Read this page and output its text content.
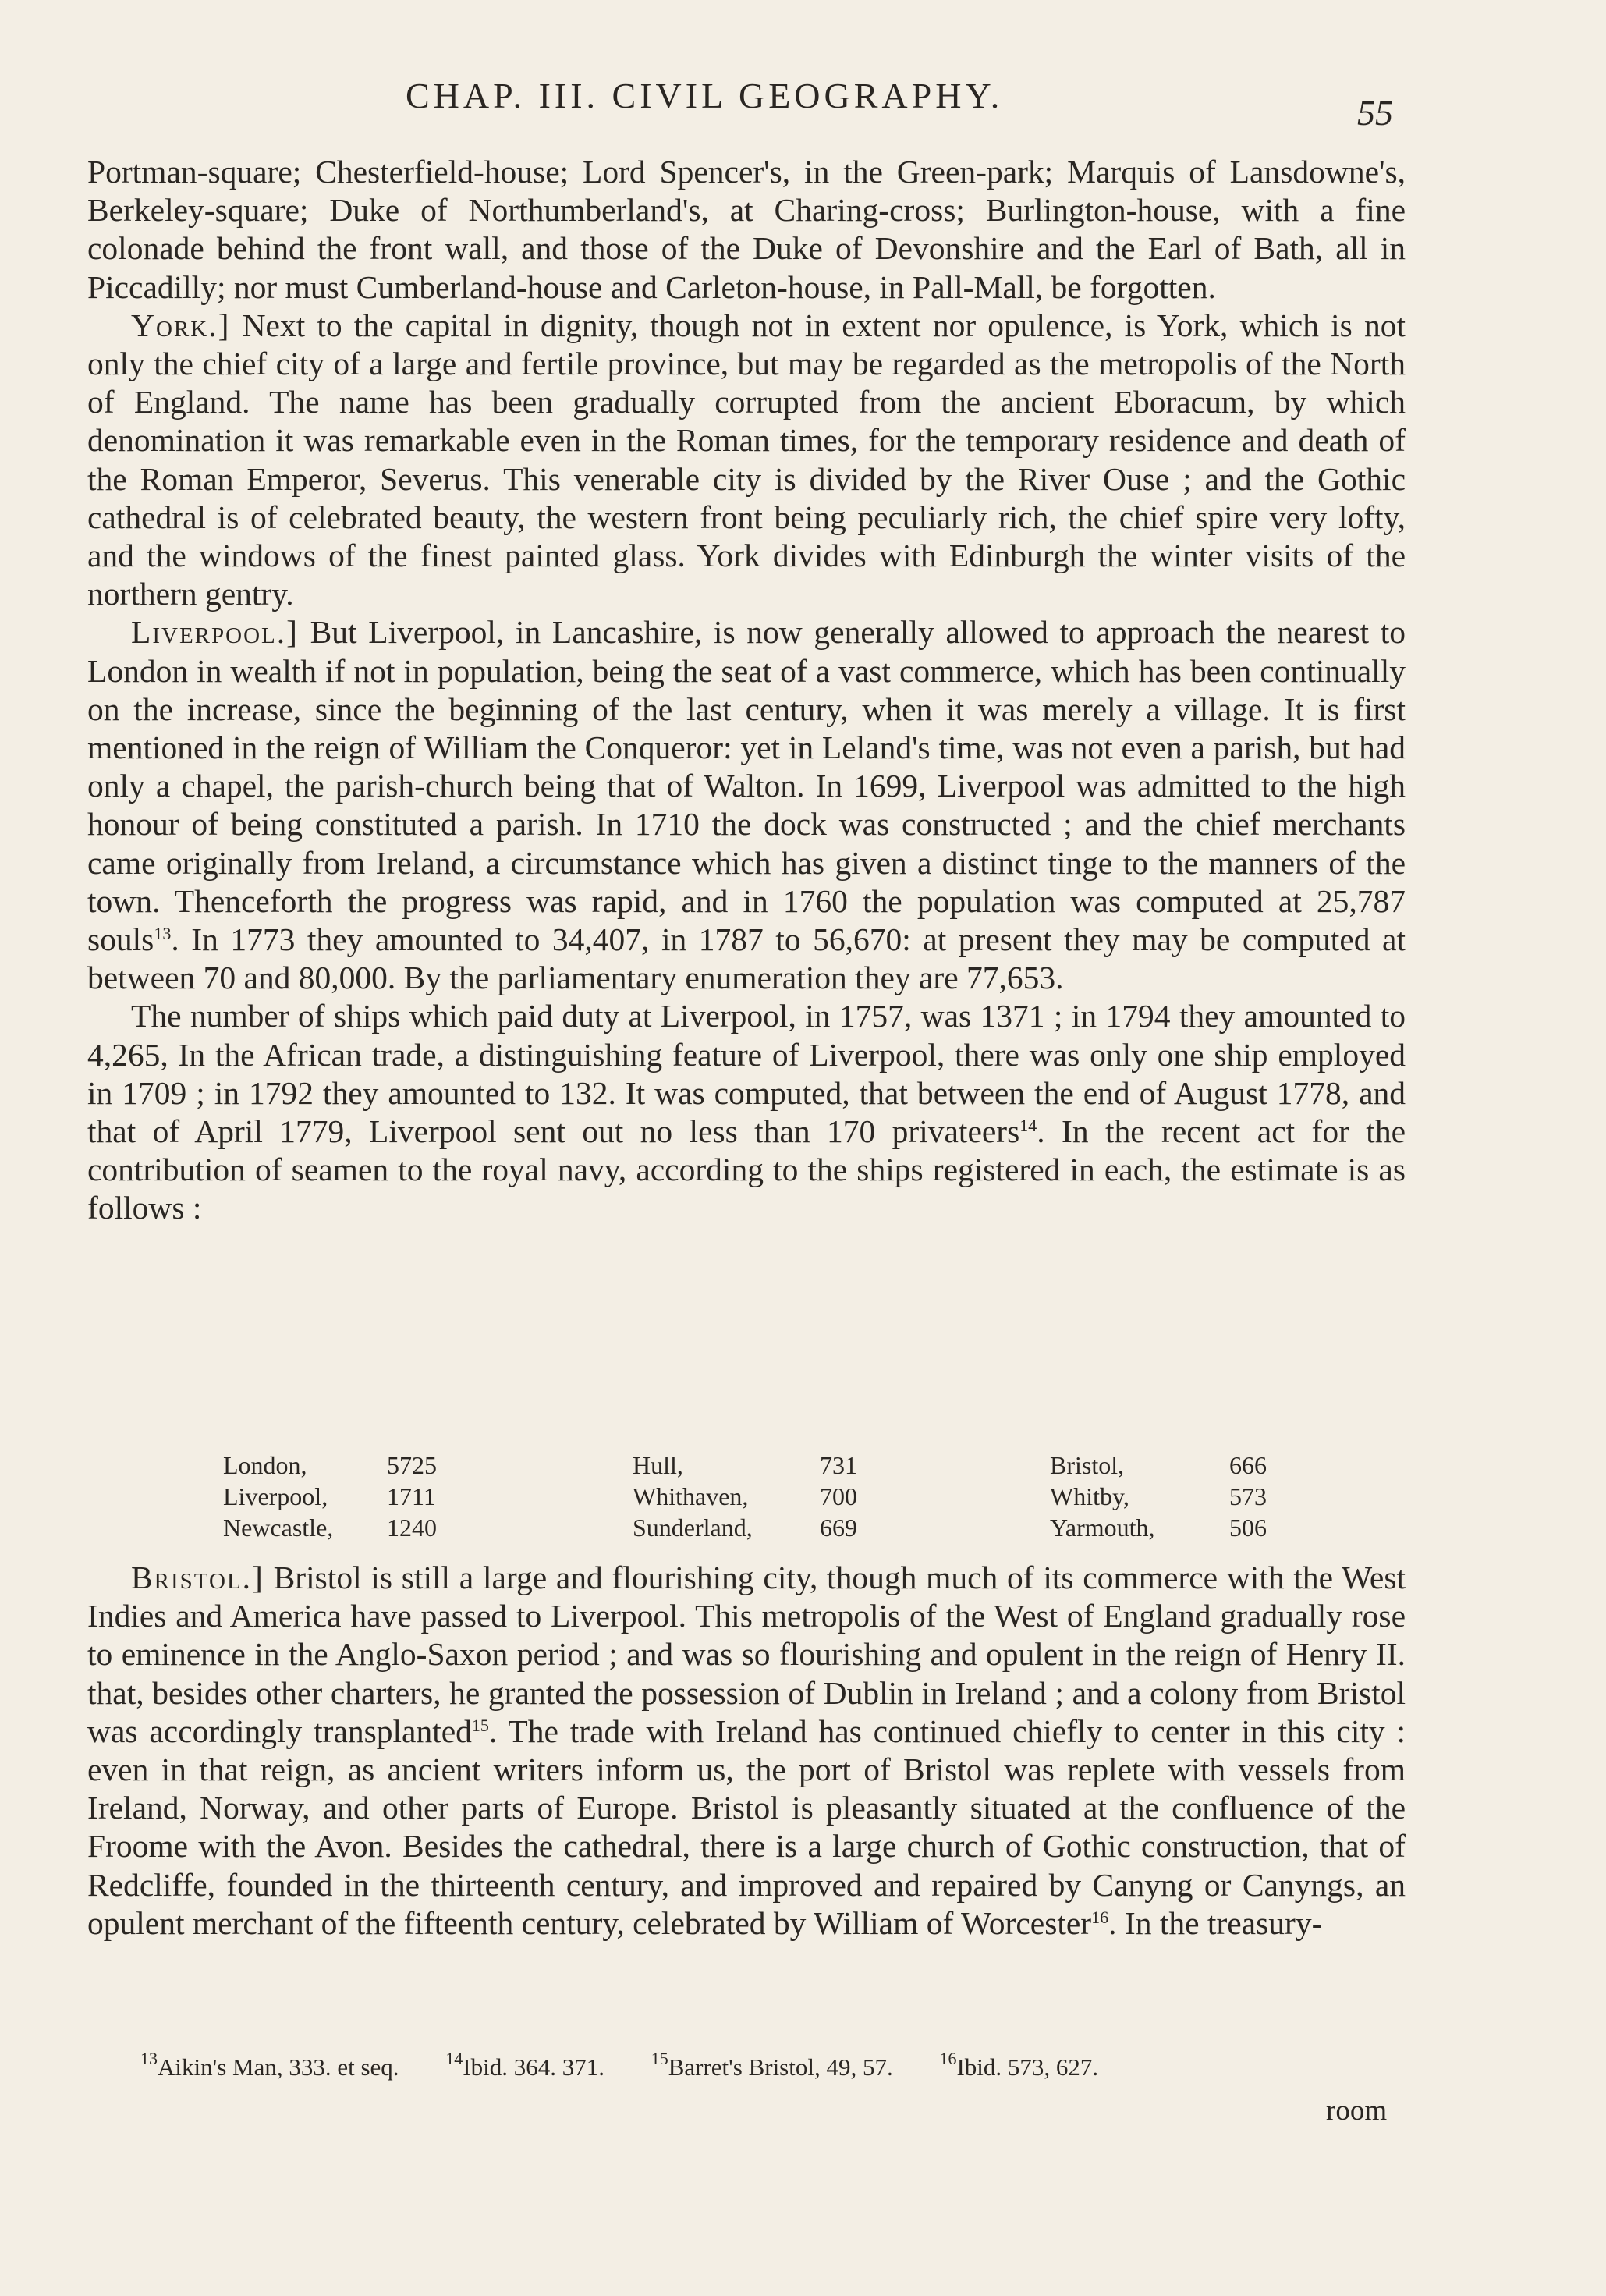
CHAP. III. CIVIL GEOGRAPHY.	55

Portman-square; Chesterfield-house; Lord Spencer's, in the Green-park; Marquis of Lansdowne's, Berkeley-square; Duke of Northumberland's, at Charing-cross; Burlington-house, with a fine colonade behind the front wall, and those of the Duke of Devonshire and the Earl of Bath, all in Piccadilly; nor must Cumberland-house and Carleton-house, in Pall-Mall, be forgotten.

York.] Next to the capital in dignity, though not in extent nor opulence, is York, which is not only the chief city of a large and fertile province, but may be regarded as the metropolis of the North of England. The name has been gradually corrupted from the ancient Eboracum, by which denomination it was remarkable even in the Roman times, for the temporary residence and death of the Roman Emperor, Severus. This venerable city is divided by the River Ouse ; and the Gothic cathedral is of celebrated beauty, the western front being peculiarly rich, the chief spire very lofty, and the windows of the finest painted glass. York divides with Edinburgh the winter visits of the northern gentry.

Liverpool.] But Liverpool, in Lancashire, is now generally allowed to approach the nearest to London in wealth if not in population, being the seat of a vast commerce, which has been continually on the increase, since the beginning of the last century, when it was merely a village. It is first mentioned in the reign of William the Conqueror: yet in Leland's time, was not even a parish, but had only a chapel, the parish-church being that of Walton. In 1699, Liverpool was admitted to the high honour of being constituted a parish. In 1710 the dock was constructed ; and the chief merchants came originally from Ireland, a circumstance which has given a distinct tinge to the manners of the town. Thenceforth the progress was rapid, and in 1760 the population was computed at 25,787 souls$^{13}$. In 1773 they amounted to 34,407, in 1787 to 56,670: at present they may be computed at between 70 and 80,000. By the parliamentary enumeration they are 77,653.

The number of ships which paid duty at Liverpool, in 1757, was 1371 ; in 1794 they amounted to 4,265, In the African trade, a distinguishing feature of Liverpool, there was only one ship employed in 1709 ; in 1792 they amounted to 132. It was computed, that between the end of August 1778, and that of April 1779, Liverpool sent out no less than 170 privateers$^{14}$. In the recent act for the contribution of seamen to the royal navy, according to the ships registered in each, the estimate is as follows :

London,	5725	Hull,	731	Bristol,	666
Liverpool,	1711	Whithaven,	700	Whitby,	573
Newcastle,	1240	Sunderland,	669	Yarmouth,	506

Bristol.] Bristol is still a large and flourishing city, though much of its commerce with the West Indies and America have passed to Liverpool. This metropolis of the West of England gradually rose to eminence in the Anglo-Saxon period ; and was so flourishing and opulent in the reign of Henry II. that, besides other charters, he granted the possession of Dublin in Ireland ; and a colony from Bristol was accordingly transplanted$^{15}$. The trade with Ireland has continued chiefly to center in this city : even in that reign, as ancient writers inform us, the port of Bristol was replete with vessels from Ireland, Norway, and other parts of Europe. Bristol is pleasantly situated at the confluence of the Froome with the Avon. Besides the cathedral, there is a large church of Gothic construction, that of Redcliffe, founded in the thirteenth century, and improved and repaired by Canyng or Canyngs, an opulent merchant of the fifteenth century, celebrated by William of Worcester$^{16}$. In the treasury-

$^{13}$Aikin's Man, 333. et seq.	$^{14}$Ibid. 364. 371.	$^{15}$Barret's Bristol, 49, 57.	$^{16}$Ibid. 573, 627.
room
